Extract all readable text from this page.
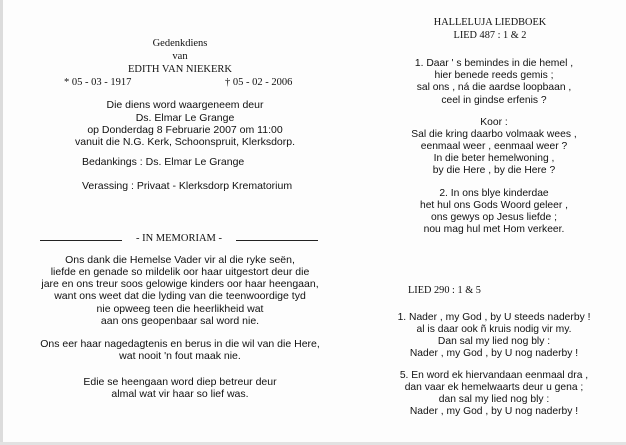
Gedenkdiens
van
EDITH VAN NIEKERK
* 05 - 03 - 1917	† 05 - 02 - 2006
Die diens word waargeneem deur
Ds. Elmar Le Grange
op Donderdag 8 Februarie 2007 om 11:00
vanuit die N.G. Kerk, Schoonspruit, Klerksdorp.
Bedankings : Ds. Elmar Le Grange
Verassing : Privaat - Klerksdorp Krematorium
- IN MEMORIAM -
Ons dank die Hemelse Vader vir al die ryke seën,
liefde en genade so mildelik oor haar uitgestort deur die
jare en ons treur soos gelowige kinders oor haar heengaan,
want ons weet dat die lyding van die teenwoordige tyd
nie opweeg teen die heerlikheid wat
aan ons geopenbaar sal word nie.
Ons eer haar nagedagtenis en berus in die wil van die Here,
wat nooit 'n fout maak nie.
Edie se heengaan word diep betreur deur
almal wat vir haar so lief was.
HALLELUJA LIEDBOEK
LIED 487 : 1 & 2
1. Daar ' s bemindes in die hemel ,
hier benede reeds gemis ;
sal ons , ná die aardse loopbaan ,
ceel in gindse erfenis ?
Koor :
Sal die kring daarbo volmaak wees ,
eenmaal weer , eenmaal weer ?
In die beter hemelwoning ,
by die Here , by die Here ?
2. In ons blye kinderdae
het hul ons Gods Woord geleer ,
ons gewys op Jesus liefde ;
nou mag hul met Hom verkeer.
LIED 290 : 1 & 5
1. Nader , my God , by U steeds naderby !
al is daar ook ñ kruis nodig vir my.
Dan sal my lied nog bly :
Nader , my God , by U nog naderby !
5. En word ek hiervandaan eenmaal dra ,
dan vaar ek hemelwaarts deur u gena ;
dan sal my lied nog bly :
Nader , my God , by U nog naderby !
